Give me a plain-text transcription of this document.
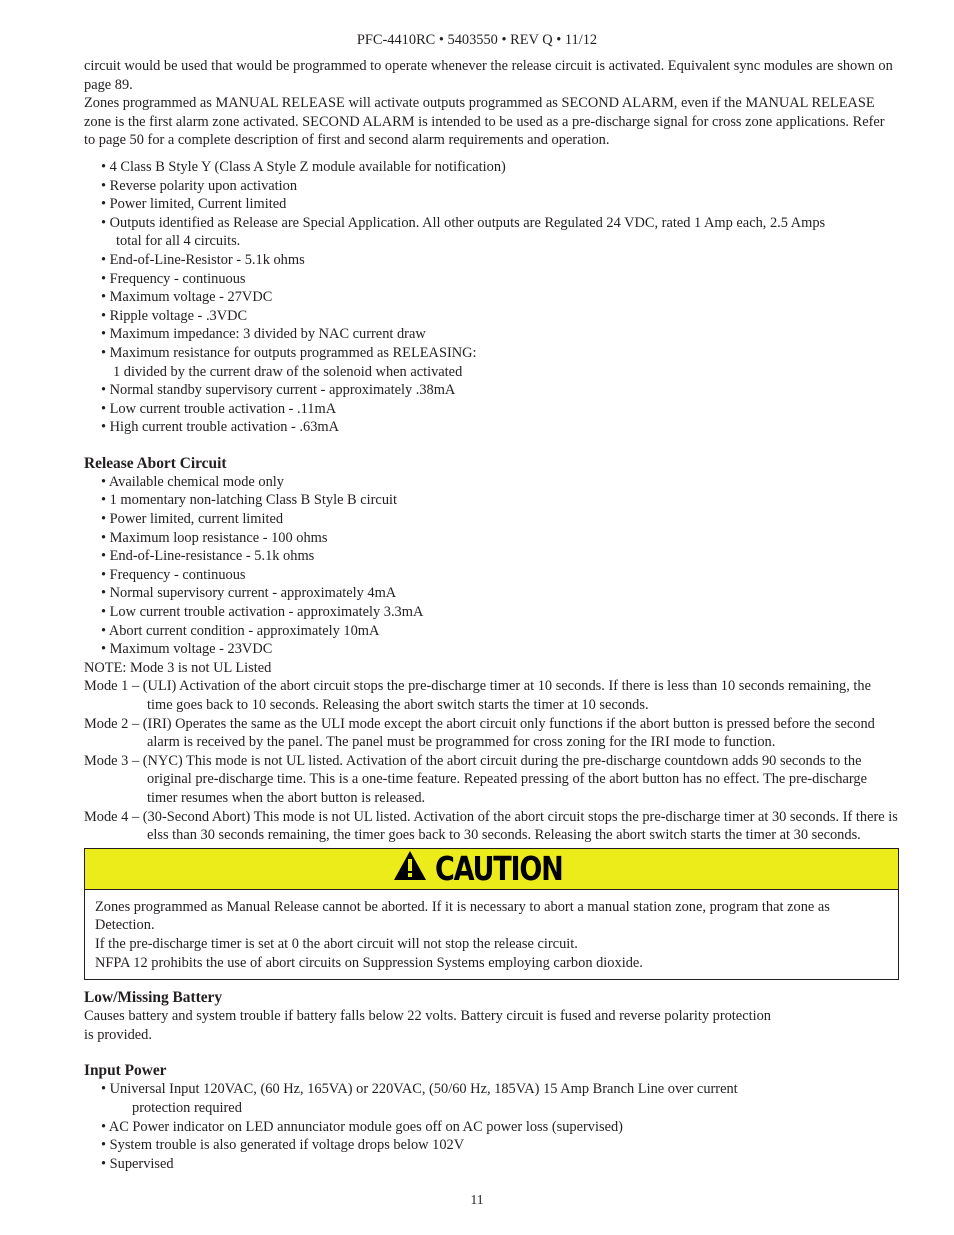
PFC-4410RC • 5403550 • REV Q • 11/12

circuit would be used that would be programmed to operate whenever the release circuit is activated. Equivalent sync modules are shown on page 89.

Zones programmed as MANUAL RELEASE will activate outputs programmed as SECOND ALARM, even if the MANUAL RELEASE zone is the first alarm zone activated. SECOND ALARM is intended to be used as a pre-discharge signal for cross zone applications. Refer to page 50 for a complete description of first and second alarm requirements and operation.

• 4 Class B Style Y (Class A Style Z module available for notification)
• Reverse polarity upon activation
• Power limited, Current limited
• Outputs identified as Release are Special Application. All other outputs are Regulated 24 VDC, rated 1 Amp each, 2.5 Amps
total for all 4 circuits.
• End-of-Line-Resistor - 5.1k ohms
• Frequency - continuous
• Maximum voltage - 27VDC
• Ripple voltage - .3VDC
• Maximum impedance: 3 divided by NAC current draw
• Maximum resistance for outputs programmed as RELEASING:
1 divided by the current draw of the solenoid when activated
• Normal standby supervisory current - approximately .38mA
• Low current trouble activation - .11mA
• High current trouble activation - .63mA
Release Abort Circuit
• Available chemical mode only
• 1 momentary non-latching Class B Style B circuit
• Power limited, current limited
• Maximum loop resistance - 100 ohms
• End-of-Line-resistance - 5.1k ohms
• Frequency - continuous
• Normal supervisory current - approximately 4mA
• Low current trouble activation - approximately 3.3mA
• Abort current condition - approximately 10mA
• Maximum voltage - 23VDC

NOTE: Mode 3 is not UL Listed

Mode 1 – (ULI) Activation of the abort circuit stops the pre-discharge timer at 10 seconds. If there is less than 10 seconds remaining, the time goes back to 10 seconds. Releasing the abort switch starts the timer at 10 seconds.

Mode 2 – (IRI) Operates the same as the ULI mode except the abort circuit only functions if the abort button is pressed before the second alarm is received by the panel. The panel must be programmed for cross zoning for the IRI mode to function.

Mode 3 – (NYC) This mode is not UL listed. Activation of the abort circuit during the pre-discharge countdown adds 90 seconds to the original pre-discharge time. This is a one-time feature. Repeated pressing of the abort button has no effect. The pre-discharge timer resumes when the abort button is released.

Mode 4 – (30-Second Abort) This mode is not UL listed. Activation of the abort circuit stops the pre-discharge timer at 30 seconds. If there is elss than 30 seconds remaining, the timer goes back to 30 seconds. Releasing the abort switch starts the timer at 30 seconds.

CAUTION

Zones programmed as Manual Release cannot be aborted. If it is necessary to abort a manual station zone, program that zone as Detection.

If the pre-discharge timer is set at 0 the abort circuit will not stop the release circuit.

NFPA 12 prohibits the use of abort circuits on Suppression Systems employing carbon dioxide.

Low/Missing Battery

Causes battery and system trouble if battery falls below 22 volts. Battery circuit is fused and reverse polarity protection is provided.

Input Power
• Universal Input 120VAC, (60 Hz, 165VA) or 220VAC, (50/60 Hz, 185VA) 15 Amp Branch Line over current
protection required
• AC Power indicator on LED annunciator module goes off on AC power loss (supervised)
• System trouble is also generated if voltage drops below 102V
• Supervised
11
